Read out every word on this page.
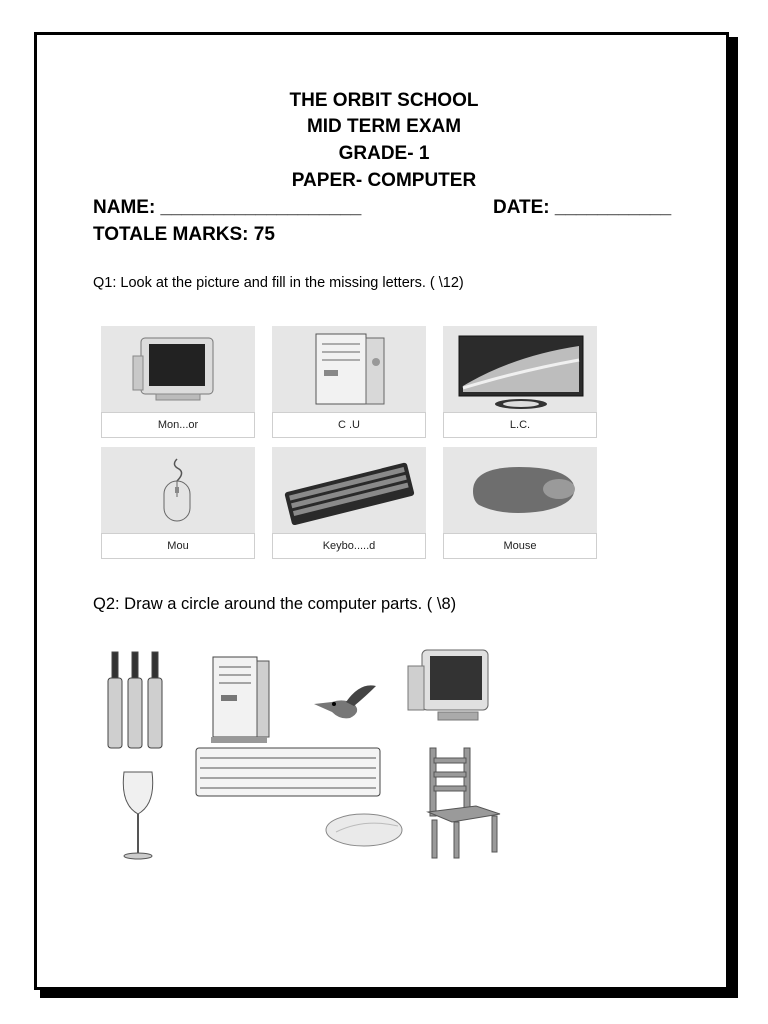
THE ORBIT SCHOOL
MID TERM EXAM
GRADE- 1
PAPER- COMPUTER
NAME: ___________________	DATE: ___________
TOTALE MARKS: 75
Q1: Look at the picture and fill in the missing letters. ( \12)
Mon...or	C .U	L.C.
Mou	Keybo.....d	Mouse
Q2: Draw a circle around the computer parts. ( \8)
